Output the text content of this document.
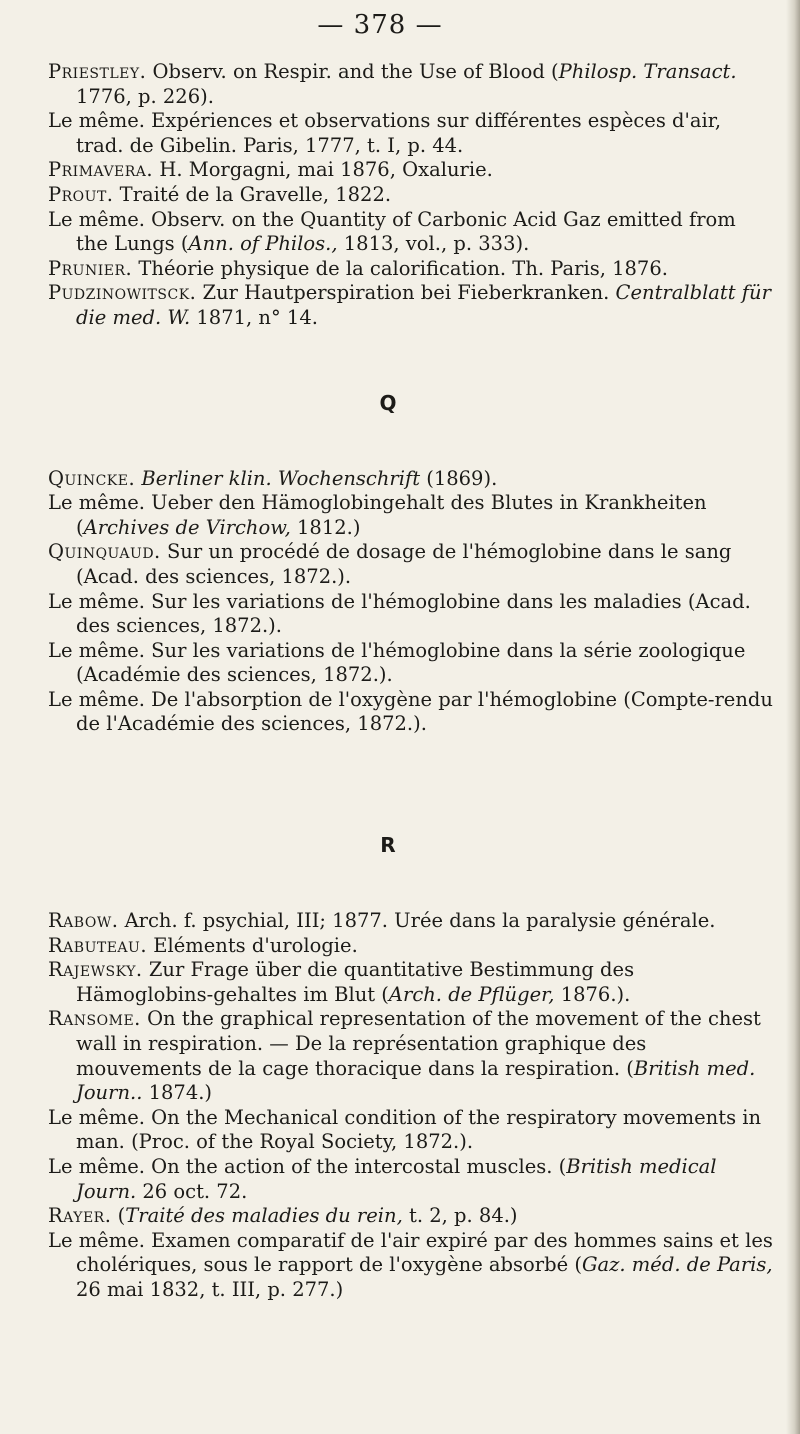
— 378 —

Priestley. Observ. on Respir. and the Use of Blood (Philosp. Transact. 1776, p. 226).

Le même. Expériences et observations sur différentes espèces d'air, trad. de Gibelin. Paris, 1777, t. I, p. 44.

Primavera. H. Morgagni, mai 1876, Oxalurie.

Prout. Traité de la Gravelle, 1822.

Le même. Observ. on the Quantity of Carbonic Acid Gaz emitted from the Lungs (Ann. of Philos., 1813, vol., p. 333).

Prunier. Théorie physique de la calorification. Th. Paris, 1876.

Pudzinowitsck. Zur Hautperspiration bei Fieberkranken. Centralblatt für die med. W. 1871, n° 14.

Q

Quincke. Berliner klin. Wochenschrift (1869).

Le même. Ueber den Hämoglobingehalt des Blutes in Krankheiten (Archives de Virchow, 1812.)

Quinquaud. Sur un procédé de dosage de l'hémoglobine dans le sang (Acad. des sciences, 1872.).

Le même. Sur les variations de l'hémoglobine dans les maladies (Acad. des sciences, 1872.).

Le même. Sur les variations de l'hémoglobine dans la série zoologique (Académie des sciences, 1872.).

Le même. De l'absorption de l'oxygène par l'hémoglobine (Compte-rendu de l'Académie des sciences, 1872.).

R

Rabow. Arch. f. psychial, III; 1877. Urée dans la paralysie générale.

Rabuteau. Eléments d'urologie.

Rajewsky. Zur Frage über die quantitative Bestimmung des Hämoglobins-gehaltes im Blut (Arch. de Pflüger, 1876.).

Ransome. On the graphical representation of the movement of the chest wall in respiration. — De la représentation graphique des mouvements de la cage thoracique dans la respiration. (British med. Journ.. 1874.)

Le même. On the Mechanical condition of the respiratory movements in man. (Proc. of the Royal Society, 1872.).

Le même. On the action of the intercostal muscles. (British medical Journ. 26 oct. 72.

Rayer. (Traité des maladies du rein, t. 2, p. 84.)

Le même. Examen comparatif de l'air expiré par des hommes sains et les cholériques, sous le rapport de l'oxygène absorbé (Gaz. méd. de Paris, 26 mai 1832, t. III, p. 277.)
